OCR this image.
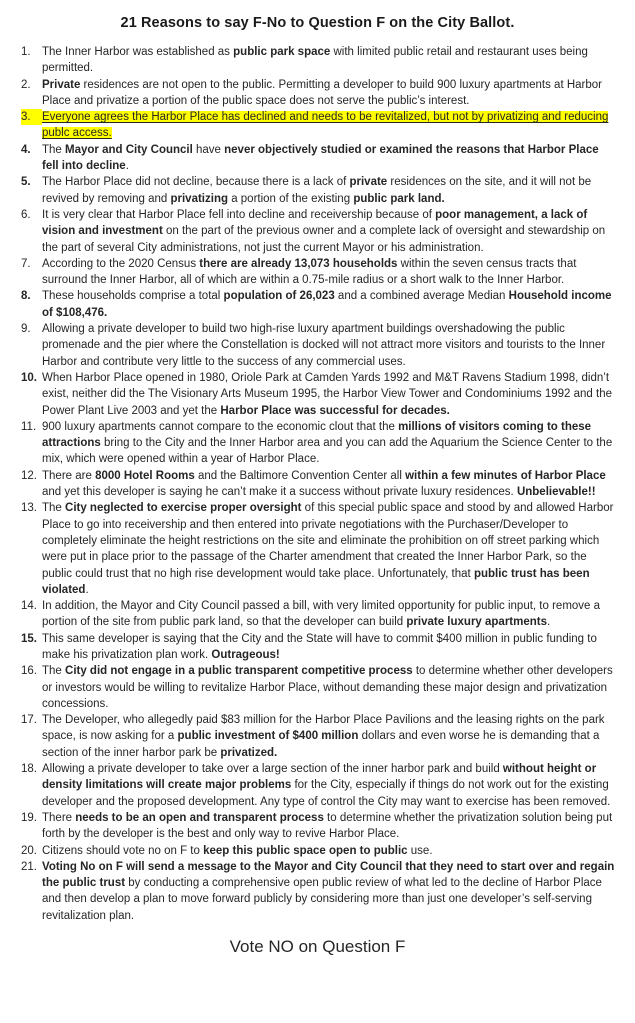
21 Reasons to say F-No to Question F on the City Ballot.
1. The Inner Harbor was established as public park space with limited public retail and restaurant uses being permitted.
2. Private residences are not open to the public. Permitting a developer to build 900 luxury apartments at Harbor Place and privatize a portion of the public space does not serve the public’s interest.
3. Everyone agrees the Harbor Place has declined and needs to be revitalized, but not by privatizing and reducing publc access.
4. The Mayor and City Council have never objectively studied or examined the reasons that Harbor Place fell into decline.
5. The Harbor Place did not decline, because there is a lack of private residences on the site, and it will not be revived by removing and privatizing a portion of the existing public park land.
6. It is very clear that Harbor Place fell into decline and receivership because of poor management, a lack of vision and investment on the part of the previous owner and a complete lack of oversight and stewardship on the part of several City administrations, not just the current Mayor or his administration.
7. According to the 2020 Census there are already 13,073 households within the seven census tracts that surround the Inner Harbor, all of which are within a 0.75-mile radius or a short walk to the Inner Harbor.
8. These households comprise a total population of 26,023 and a combined average Median Household income of $108,476.
9. Allowing a private developer to build two high-rise luxury apartment buildings overshadowing the public promenade and the pier where the Constellation is docked will not attract more visitors and tourists to the Inner Harbor and contribute very little to the success of any commercial uses.
10. When Harbor Place opened in 1980, Oriole Park at Camden Yards 1992 and M&T Ravens Stadium 1998, didn’t exist, neither did the The Visionary Arts Museum 1995, the Harbor View Tower and Condominiums 1992 and the Power Plant Live 2003 and yet the Harbor Place was successful for decades.
11. 900 luxury apartments cannot compare to the economic clout that the millions of visitors coming to these attractions bring to the City and the Inner Harbor area and you can add the Aquarium the Science Center to the mix, which were opened within a year of Harbor Place.
12. There are 8000 Hotel Rooms and the Baltimore Convention Center all within a few minutes of Harbor Place and yet this developer is saying he can’t make it a success without private luxury residences. Unbelievable!!
13. The City neglected to exercise proper oversight of this special public space and stood by and allowed Harbor Place to go into receivership and then entered into private negotiations with the Purchaser/Developer to completely eliminate the height restrictions on the site and eliminate the prohibition on off street parking which were put in place prior to the passage of the Charter amendment that created the Inner Harbor Park, so the public could trust that no high rise development would take place. Unfortunately, that public trust has been violated.
14. In addition, the Mayor and City Council passed a bill, with very limited opportunity for public input, to remove a portion of the site from public park land, so that the developer can build private luxury apartments.
15. This same developer is saying that the City and the State will have to commit $400 million in public funding to make his privatization plan work. Outrageous!
16. The City did not engage in a public transparent competitive process to determine whether other developers or investors would be willing to revitalize Harbor Place, without demanding these major design and privatization concessions.
17. The Developer, who allegedly paid $83 million for the Harbor Place Pavilions and the leasing rights on the park space, is now asking for a public investment of $400 million dollars and even worse he is demanding that a section of the inner harbor park be privatized.
18. Allowing a private developer to take over a large section of the inner harbor park and build without height or density limitations will create major problems for the City, especially if things do not work out for the existing developer and the proposed development. Any type of control the City may want to exercise has been removed.
19. There needs to be an open and transparent process to determine whether the privatization solution being put forth by the developer is the best and only way to revive Harbor Place.
20. Citizens should vote no on F to keep this public space open to public use.
21. Voting No on F will send a message to the Mayor and City Council that they need to start over and regain the public trust by conducting a comprehensive open public review of what led to the decline of Harbor Place and then develop a plan to move forward publicly by considering more than just one developer’s self-serving revitalization plan.
Vote NO on Question F
